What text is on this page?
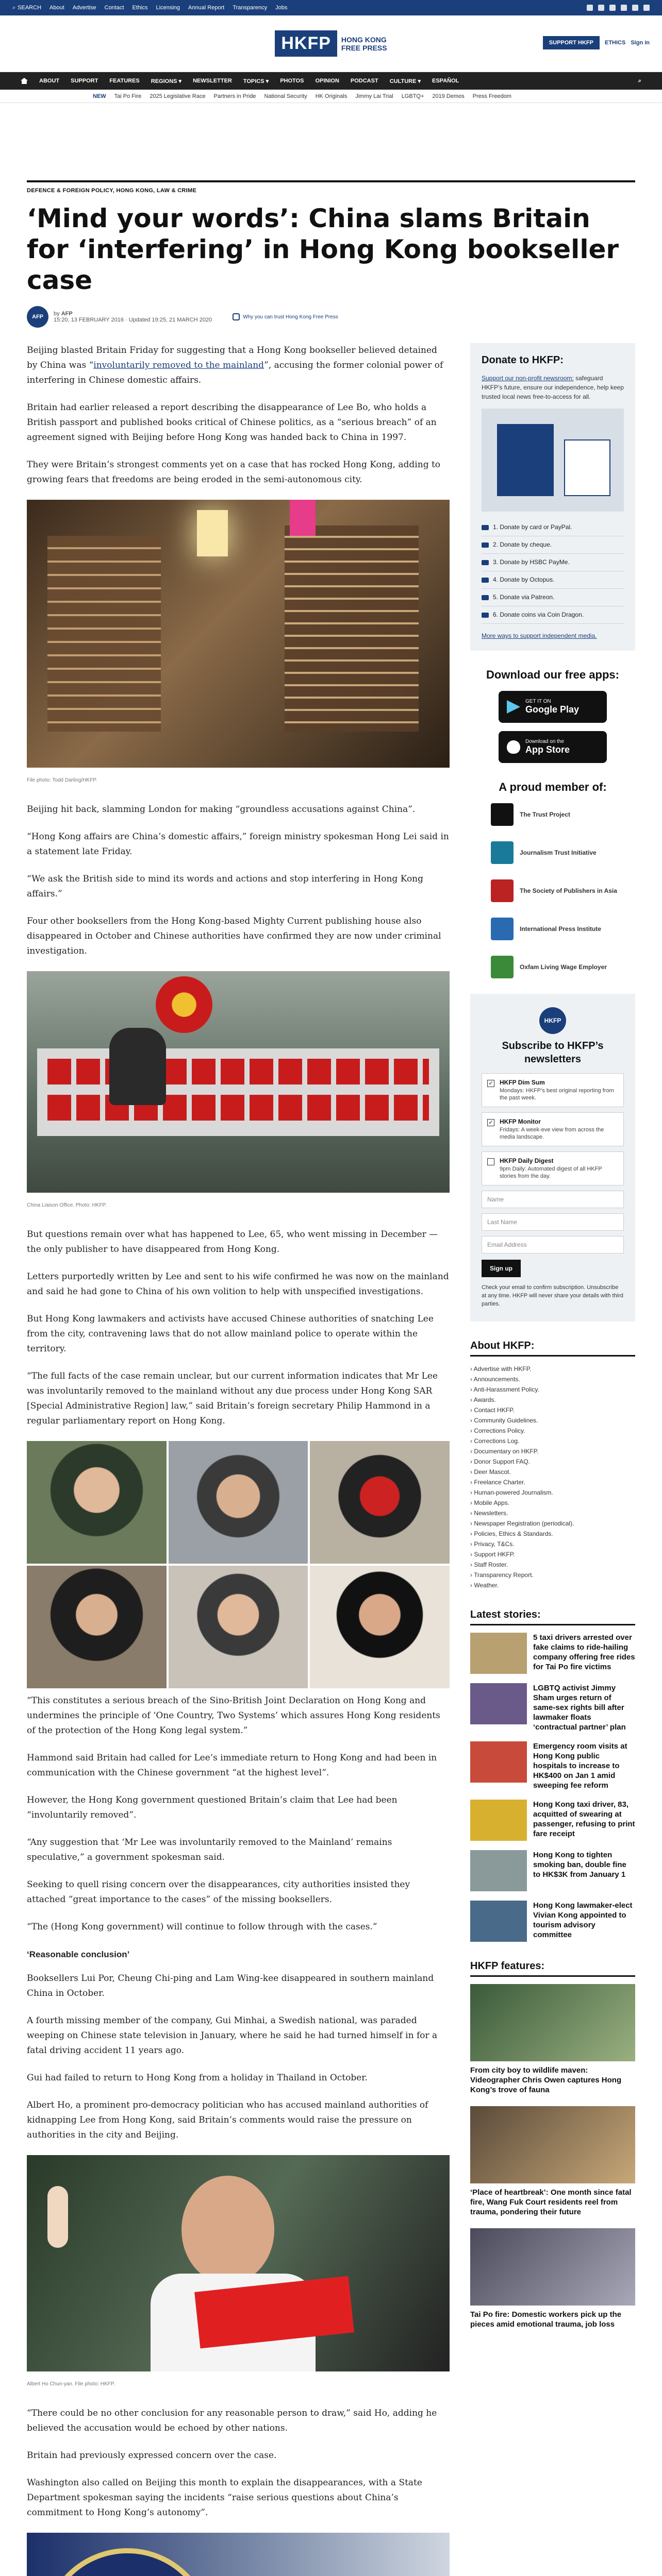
⌕ SEARCH About Advertise Contact Ethics Licensing Annual Report Transparency Jobs
HKFP	HONG KONG
FREE PRESS
SUPPORT HKFP	ETHICS Sign in
ABOUT SUPPORT FEATURES REGIONS ▾ NEWSLETTER TOPICS ▾ PHOTOS OPINION PODCAST CULTURE ▾ ESPAÑOL	⌕
NEW Tai Po Fire 2025 Legislative Race Partners in Pride National Security HK Originals Jimmy Lai Trial LGBTQ+ 2019 Demos Press Freedom
DEFENCE & FOREIGN POLICY, HONG KONG, LAW & CRIME
‘Mind your words’: China slams Britain for ‘interfering’ in Hong Kong bookseller case
AFP	by AFP
15:20, 13 FEBRUARY 2016 · Updated 19:25, 21 MARCH 2020	Why you can trust Hong Kong Free Press

Beijing blasted Britain Friday for suggesting that a Hong Kong bookseller believed detained by China was “involuntarily removed to the mainland”, accusing the former colonial power of interfering in Chinese domestic affairs.

Britain had earlier released a report describing the disappearance of Lee Bo, who holds a British passport and published books critical of Chinese politics, as a “serious breach” of an agreement signed with Beijing before Hong Kong was handed back to China in 1997.

They were Britain’s strongest comments yet on a case that has rocked Hong Kong, adding to growing fears that freedoms are being eroded in the semi-autonomous city.

File photo: Todd Darling/HKFP.

Beijing hit back, slamming London for making “groundless accusations against China”.

“Hong Kong affairs are China’s domestic affairs,” foreign ministry spokesman Hong Lei said in a statement late Friday.

“We ask the British side to mind its words and actions and stop interfering in Hong Kong affairs.”

Four other booksellers from the Hong Kong-based Mighty Current publishing house also disappeared in October and Chinese authorities have confirmed they are now under criminal investigation.

China Liaison Office. Photo: HKFP.

But questions remain over what has happened to Lee, 65, who went missing in December — the only publisher to have disappeared from Hong Kong.

Letters purportedly written by Lee and sent to his wife confirmed he was now on the mainland and said he had gone to China of his own volition to help with unspecified investigations.

But Hong Kong lawmakers and activists have accused Chinese authorities of snatching Lee from the city, contravening laws that do not allow mainland police to operate within the territory.

“The full facts of the case remain unclear, but our current information indicates that Mr Lee was involuntarily removed to the mainland without any due process under Hong Kong SAR [Special Administrative Region] law,” said Britain’s foreign secretary Philip Hammond in a regular parliamentary report on Hong Kong.

“This constitutes a serious breach of the Sino-British Joint Declaration on Hong Kong and undermines the principle of ‘One Country, Two Systems’ which assures Hong Kong residents of the protection of the Hong Kong legal system.”

Hammond said Britain had called for Lee’s immediate return to Hong Kong and had been in communication with the Chinese government “at the highest level”.

However, the Hong Kong government questioned Britain’s claim that Lee had been “involuntarily removed”.

“Any suggestion that ‘Mr Lee was involuntarily removed to the Mainland’ remains speculative,” a government spokesman said.

Seeking to quell rising concern over the disappearances, city authorities insisted they attached “great importance to the cases” of the missing booksellers.

“The (Hong Kong government) will continue to follow through with the cases.”

‘Reasonable conclusion’

Booksellers Lui Por, Cheung Chi-ping and Lam Wing-kee disappeared in southern mainland China in October.

A fourth missing member of the company, Gui Minhai, a Swedish national, was paraded weeping on Chinese state television in January, where he said he had turned himself in for a fatal driving accident 11 years ago.

Gui had failed to return to Hong Kong from a holiday in Thailand in October.

Albert Ho, a prominent pro-democracy politician who has accused mainland authorities of kidnapping Lee from Hong Kong, said Britain’s comments would raise the pressure on authorities in the city and Beijing.

Albert Ho Chun-yan. File photo: HKFP.

“There could be no other conclusion for any reasonable person to draw,” said Ho, adding he believed the accusation would be echoed by other nations.

Britain had previously expressed concern over the case.

Washington also called on Beijing this month to explain the disappearances, with a State Department spokesman saying the incidents “raise serious questions about China’s commitment to Hong Kong’s autonomy”.

Donate to HKFP:
Support our non-profit newsroom: safeguard HKFP’s future, ensure our independence, help keep trusted local news free-to-access for all.
1. Donate by card or PayPal.
2. Donate by cheque.
3. Donate by HSBC PayMe.
4. Donate by Octopus.
5. Donate via Patreon.
6. Donate coins via Coin Dragon.
More ways to support independent media.
Download our free apps:
GET IT ON
Google Play
Download on the
App Store
A proud member of:
The Trust Project
Journalism Trust Initiative
The Society of Publishers in Asia
International Press Institute
Oxfam Living Wage Employer
HKFP
Subscribe to HKFP’s newsletters
✓ HKFP Dim Sum
Mondays: HKFP’s best original reporting from the past week.
✓ HKFP Monitor
Fridays: A week-eve view from across the media landscape.
HKFP Daily Digest
9pm Daily: Automated digest of all HKFP stories from the day.
Name
Last Name
Email Address
Sign up
Check your email to confirm subscription. Unsubscribe at any time. HKFP will never share your details with third parties.
About HKFP:
› Advertise with HKFP.
› Announcements.
› Anti-Harassment Policy.
› Awards.
› Contact HKFP.
› Community Guidelines.
› Corrections Policy.
› Corrections Log.
› Documentary on HKFP.
› Donor Support FAQ.
› Deer Mascot.
› Freelance Charter.
› Human-powered Journalism.
› Mobile Apps.
› Newsletters.
› Newspaper Registration (periodical).
› Policies, Ethics & Standards.
› Privacy, T&Cs.
› Support HKFP.
› Staff Roster.
› Transparency Report.
› Weather.
Latest stories:
5 taxi drivers arrested over fake claims to ride-hailing company offering free rides for Tai Po fire victims
LGBTQ activist Jimmy Sham urges return of same-sex rights bill after lawmaker floats ‘contractual partner’ plan
Emergency room visits at Hong Kong public hospitals to increase to HK$400 on Jan 1 amid sweeping fee reform
Hong Kong taxi driver, 83, acquitted of swearing at passenger, refusing to print fare receipt
Hong Kong to tighten smoking ban, double fine to HK$3K from January 1
Hong Kong lawmaker-elect Vivian Kong appointed to tourism advisory committee
HKFP features:
From city boy to wildlife maven: Videographer Chris Owen captures Hong Kong’s trove of fauna
‘Place of heartbreak’: One month since fatal fire, Wang Fuk Court residents reel from trauma, pondering their future
Tai Po fire: Domestic workers pick up the pieces amid emotional trauma, job loss
